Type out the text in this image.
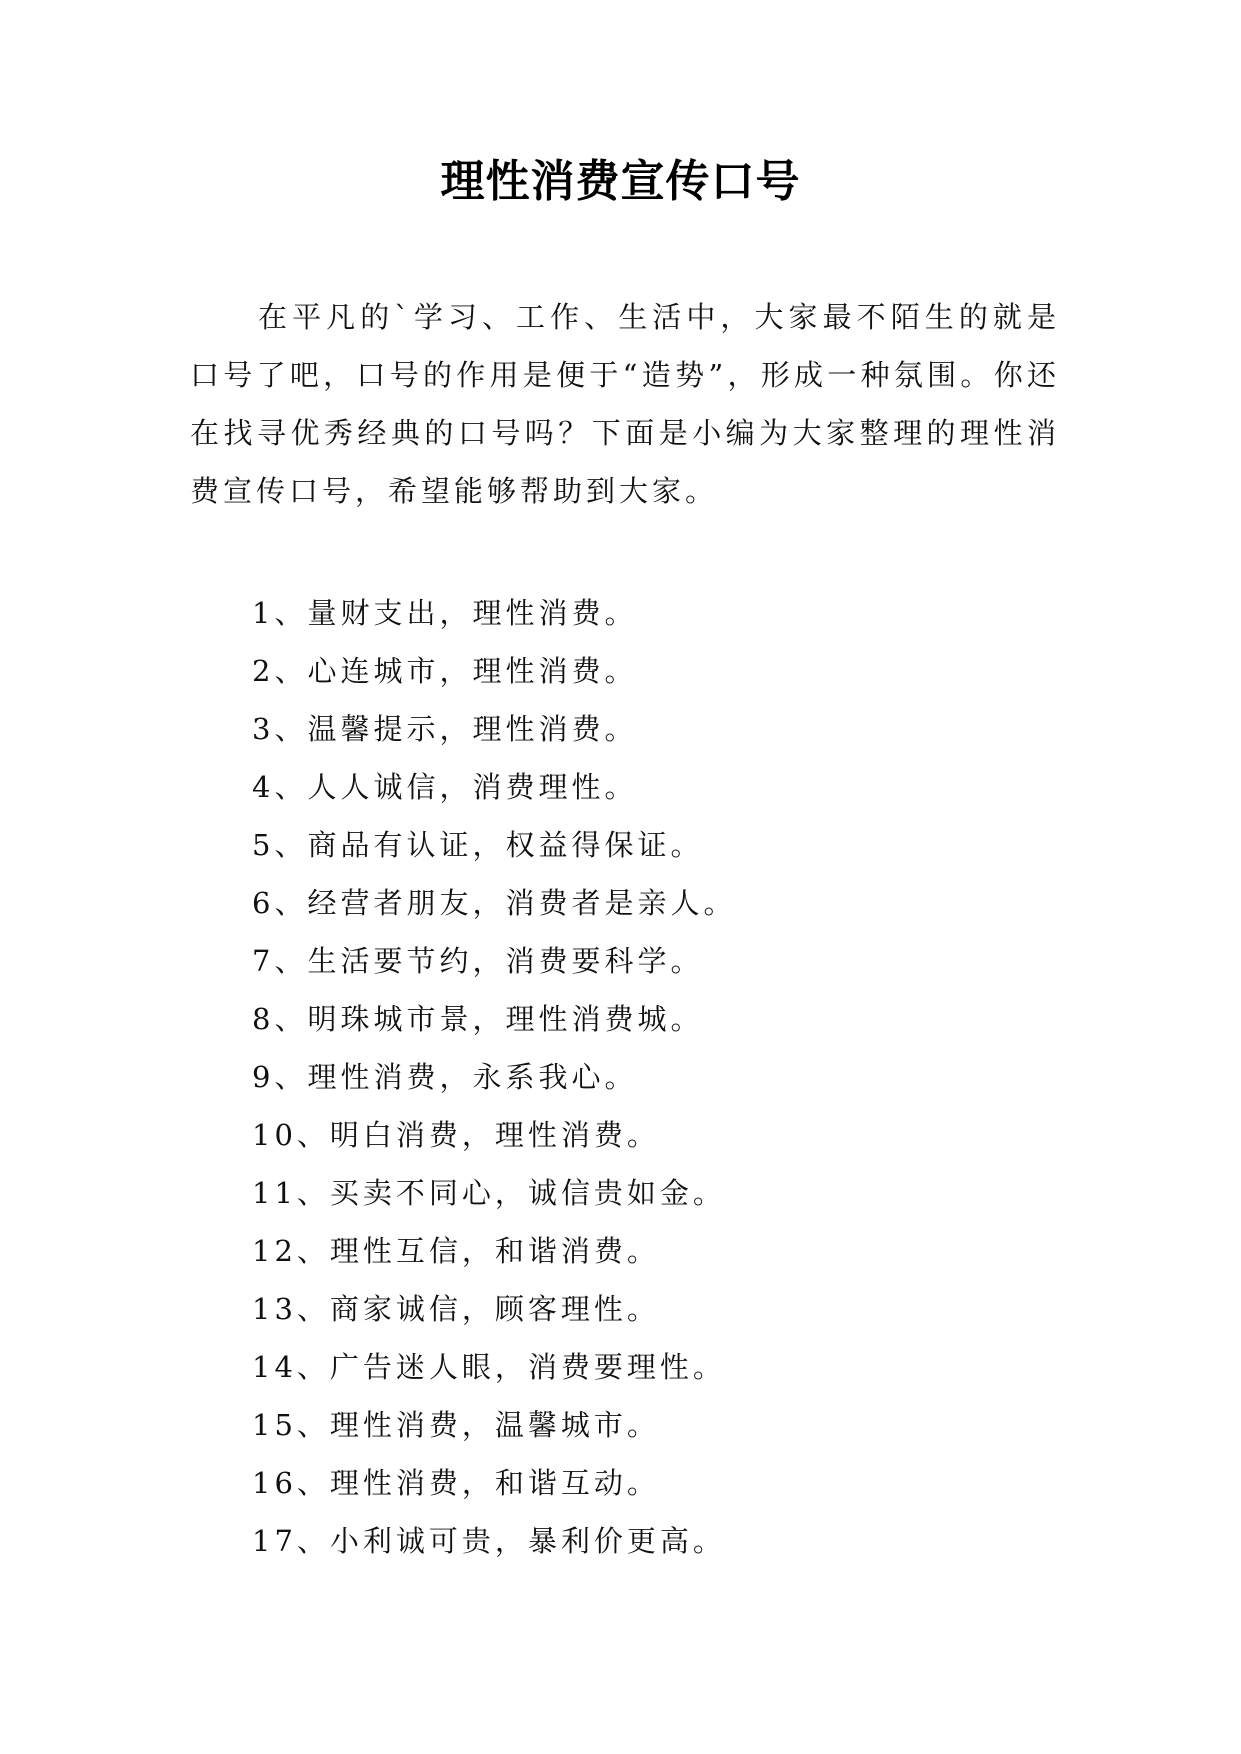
理性消费宣传口号

在平凡的`学习、工作、生活中，大家最不陌生的就是口号了吧，口号的作用是便于“造势”，形成一种氛围。你还在找寻优秀经典的口号吗？下面是小编为大家整理的理性消费宣传口号，希望能够帮助到大家。

1、量财支出，理性消费。
2、心连城市，理性消费。
3、温馨提示，理性消费。
4、人人诚信，消费理性。
5、商品有认证，权益得保证。
6、经营者朋友，消费者是亲人。
7、生活要节约，消费要科学。
8、明珠城市景，理性消费城。
9、理性消费，永系我心。
10、明白消费，理性消费。
11、买卖不同心，诚信贵如金。
12、理性互信，和谐消费。
13、商家诚信，顾客理性。
14、广告迷人眼，消费要理性。
15、理性消费，温馨城市。
16、理性消费，和谐互动。
17、小利诚可贵，暴利价更高。
